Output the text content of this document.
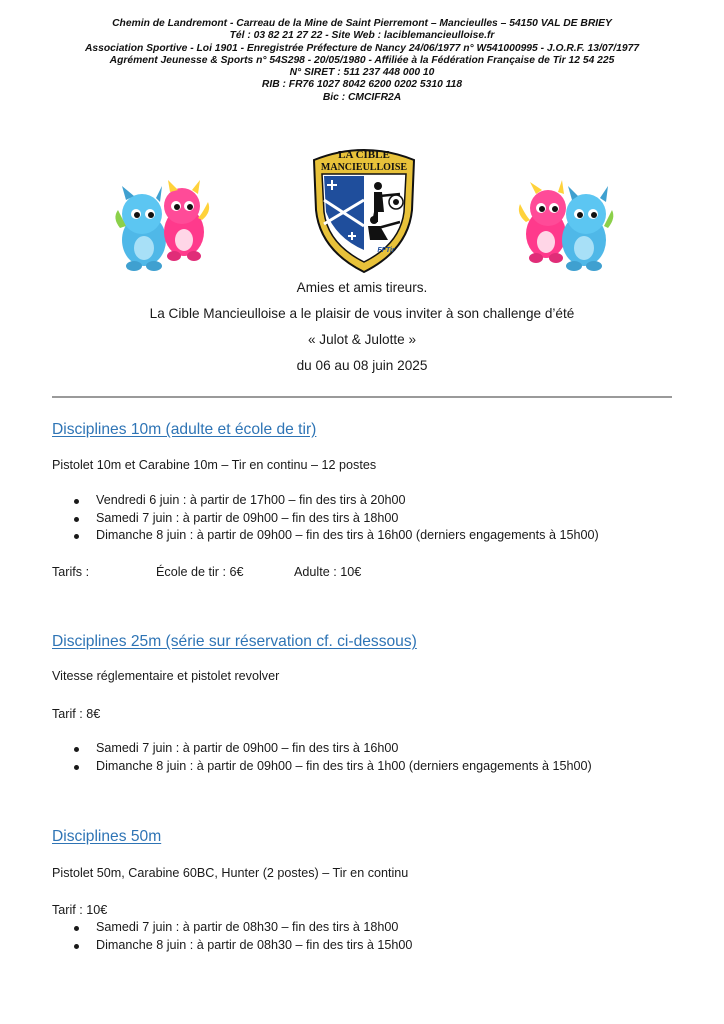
Chemin de Landremont - Carreau de la Mine de Saint Pierremont – Mancieulles – 54150 VAL DE BRIEY
Tél : 03 82 21 27 22 - Site Web : laciblemancieulloise.fr
Association Sportive - Loi 1901 - Enregistrée Préfecture de Nancy 24/06/1977 n° W541000995 - J.O.R.F. 13/07/1977
Agrément Jeunesse & Sports n° 54S298 - 20/05/1980 - Affiliée à la Fédération Française de Tir 12 54 225
N° SIRET : 511 237 448 000 10
RIB : FR76 1027 8042 6200 0202 5310 118
Bic : CMCIFR2A
LA CIBLE
MANCIEULLOISE
FFTir
Amies et amis tireurs.
La Cible Mancieulloise a le plaisir de vous inviter à son challenge d’été
« Julot & Julotte »
du 06 au 08 juin 2025
Disciplines 10m (adulte et école de tir)
Pistolet 10m et Carabine 10m – Tir en continu – 12 postes
Vendredi 6 juin : à partir de 17h00 – fin des tirs à 20h00
Samedi 7 juin : à partir de 09h00 – fin des tirs à 18h00
Dimanche 8 juin : à partir de 09h00 – fin des tirs à 16h00 (derniers engagements à 15h00)
Tarifs :	École de tir : 6€	Adulte : 10€
Disciplines 25m (série sur réservation cf. ci-dessous)
Vitesse réglementaire et pistolet revolver
Tarif : 8€
Samedi 7 juin : à partir de 09h00 – fin des tirs à 16h00
Dimanche 8 juin : à partir de 09h00 – fin des tirs à 1h00 (derniers engagements à 15h00)
Disciplines 50m
Pistolet 50m, Carabine 60BC, Hunter (2 postes) – Tir en continu
Tarif : 10€
Samedi 7 juin : à partir de 08h30 – fin des tirs à 18h00
Dimanche 8 juin : à partir de 08h30 – fin des tirs à 15h00
